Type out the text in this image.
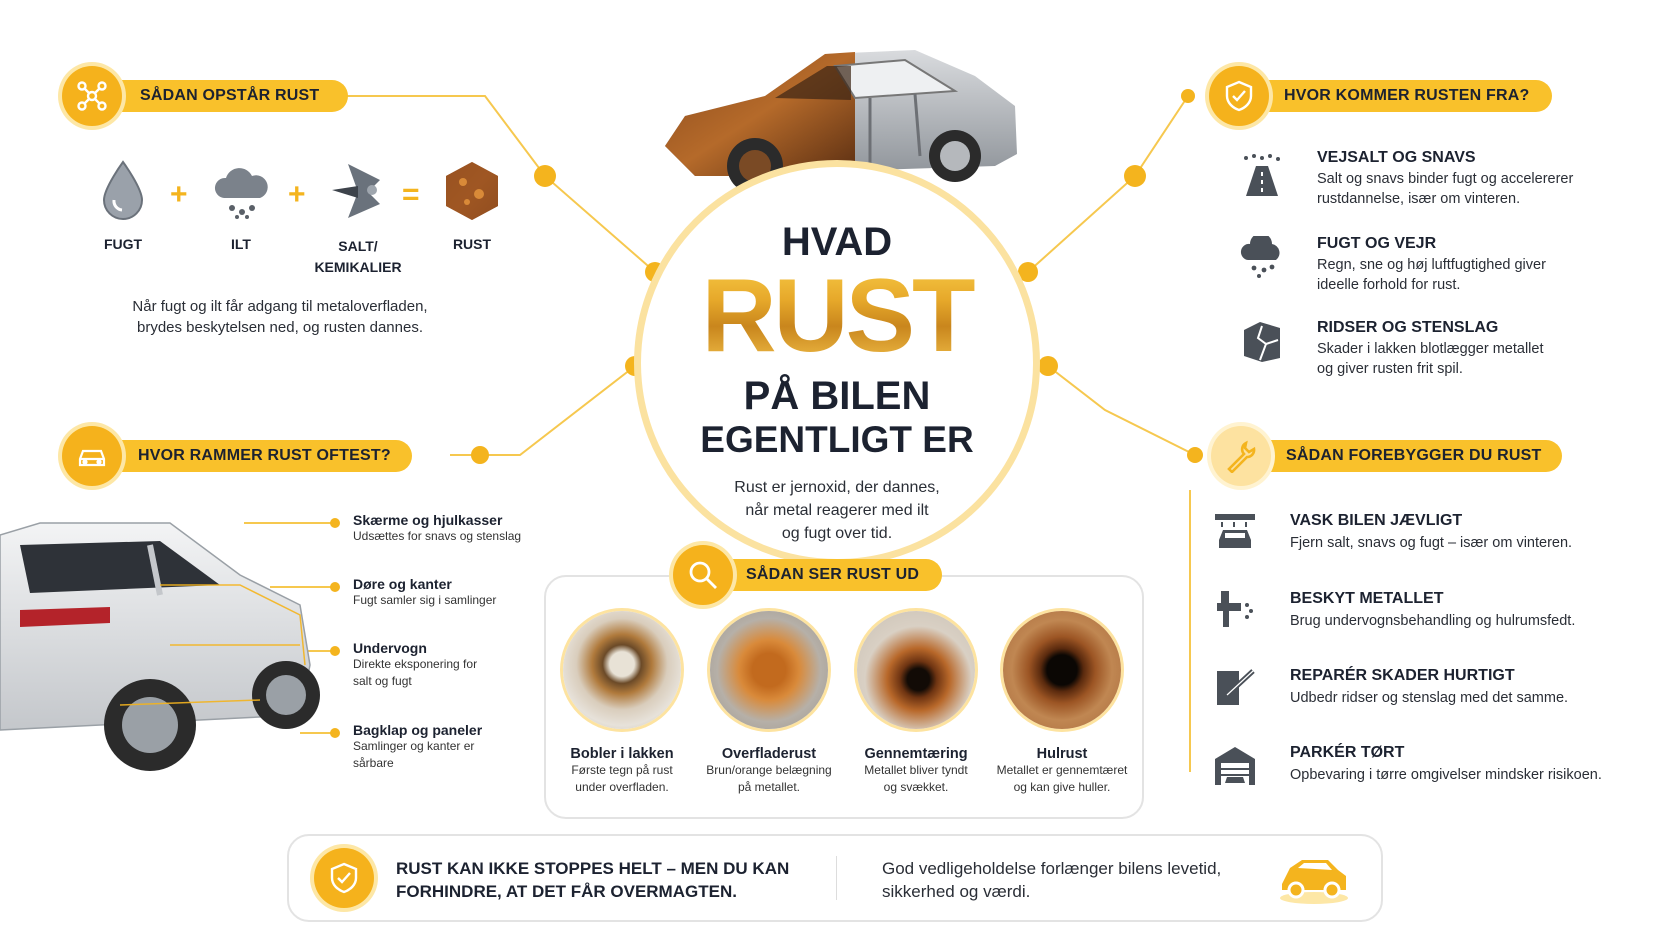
HVAD
RUST
PÅ BILEN
EGENTLIGT ER
Rust er jernoxid, der dannes,
når metal reagerer med ilt
og fugt over tid.
SÅDAN OPSTÅR RUST
+	+	=
FUGT	ILT	SALT/
KEMIKALIER
RUST
Når fugt og ilt får adgang til metaloverfladen,
brydes beskytelsen ned, og rusten dannes.
HVOR RAMMER RUST OFTEST?
Skærme og hjulkasser
Udsættes for snavs og stenslag
Døre og kanter
Fugt samler sig i samlinger
Undervogn
Direkte eksponering for
salt og fugt
Bagklap og paneler
Samlinger og kanter er
sårbare
HVOR KOMMER RUSTEN FRA?
VEJSALT OG SNAVS
Salt og snavs binder fugt og accelererer
rustdannelse, især om vinteren.
FUGT OG VEJR
Regn, sne og høj luftfugtighed giver
ideelle forhold for rust.
RIDSER OG STENSLAG
Skader i lakken blotlægger metallet
og giver rusten frit spil.
SÅDAN FOREBYGGER DU RUST
VASK BILEN JÆVLIGT
Fjern salt, snavs og fugt – især om vinteren.
BESKYT METALLET
Brug undervognsbehandling og hulrumsfedt.
REPARÉR SKADER HURTIGT
Udbedr ridser og stenslag med det samme.
PARKÉR TØRT
Opbevaring i tørre omgivelser mindsker risikoen.
SÅDAN SER RUST UD
Bobler i lakken
Første tegn på rust
under overfladen.
Overfladerust
Brun/orange belægning
på metallet.
Gennemtæring
Metallet bliver tyndt
og svækket.
Hulrust
Metallet er gennemtæret
og kan give huller.
RUST KAN IKKE STOPPES HELT – MEN DU KAN
FORHINDRE, AT DET FÅR OVERMAGTEN.
God vedligeholdelse forlænger bilens levetid,
sikkerhed og værdi.
